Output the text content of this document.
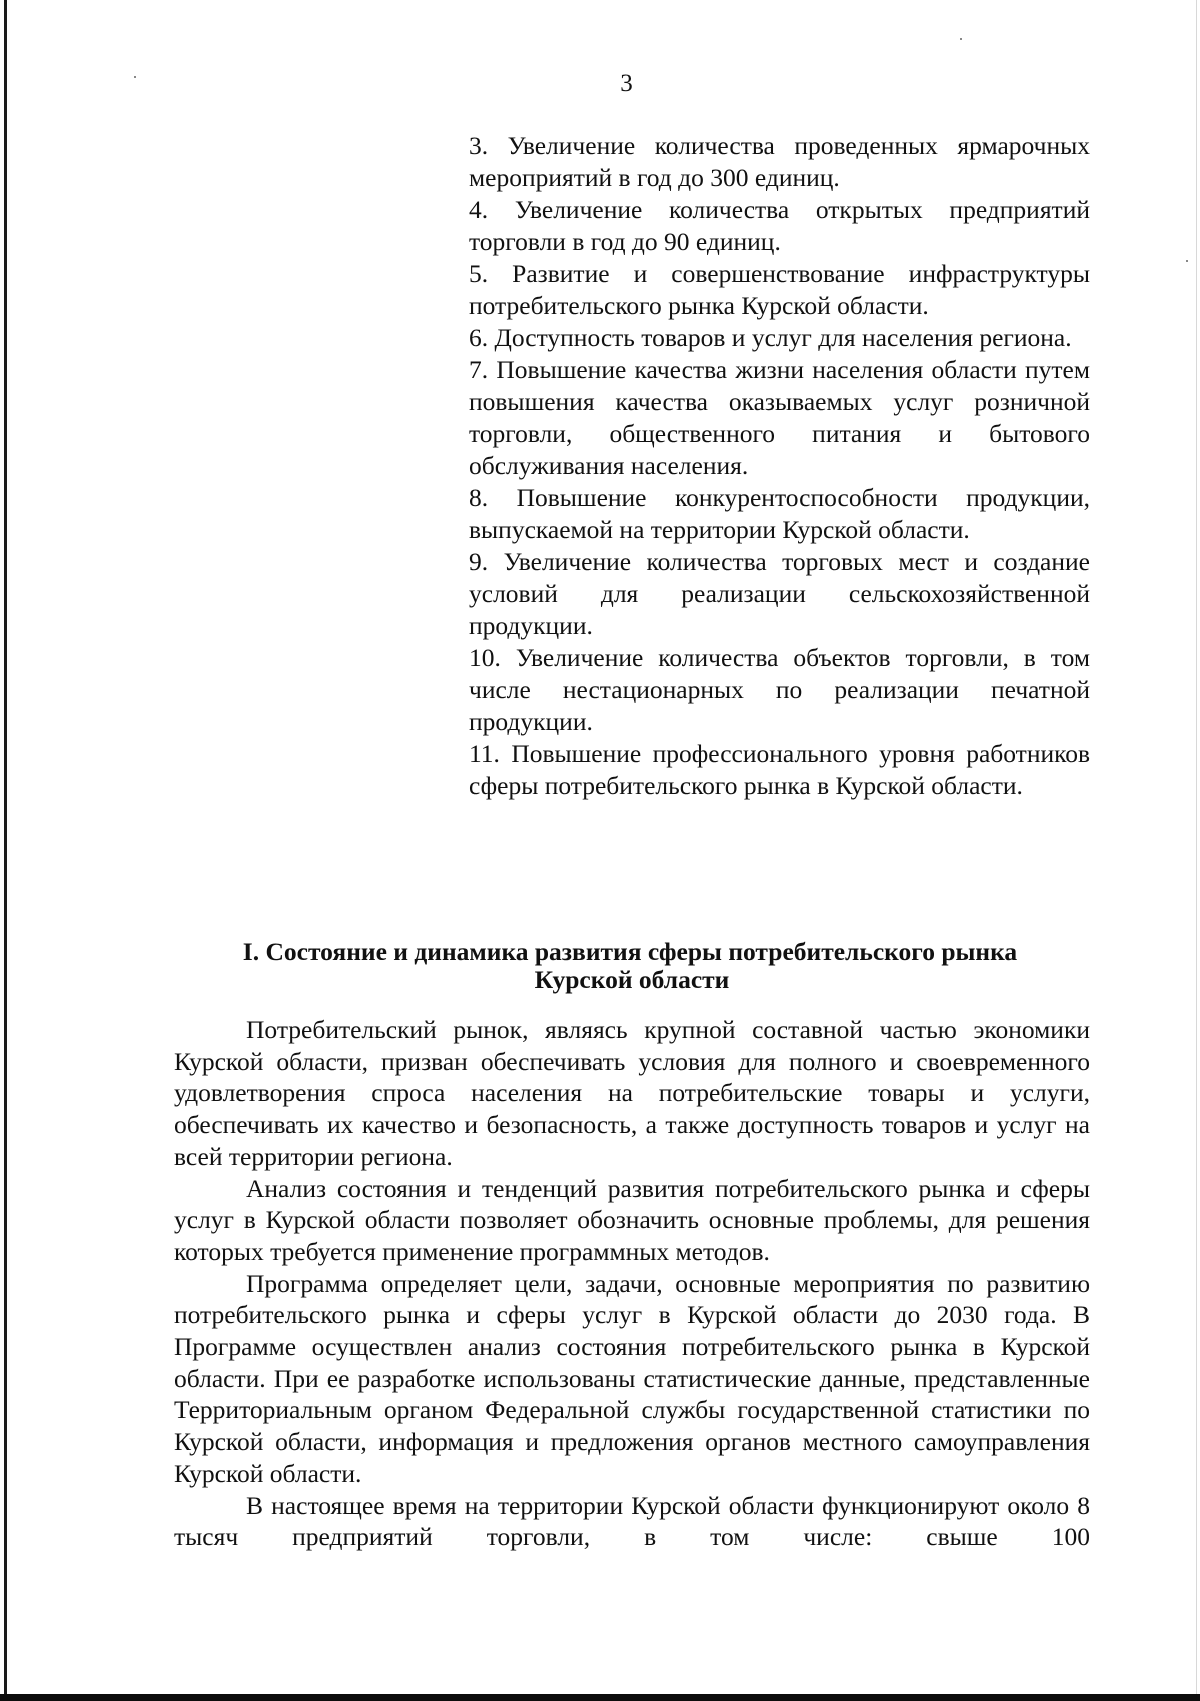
3
3. Увеличение количества проведенных ярмарочных мероприятий в год до 300 единиц.
4. Увеличение количества открытых предприятий торговли в год до 90 единиц.
5. Развитие и совершенствование инфраструктуры потребительского рынка Курской области.
6. Доступность товаров и услуг для населения региона.
7. Повышение качества жизни населения области путем повышения качества оказываемых услуг розничной торговли, общественного питания и бытового обслуживания населения.
8. Повышение конкурентоспособности продукции, выпускаемой на территории Курской области.
9. Увеличение количества торговых мест и создание условий для реализации сельскохозяйственной продукции.
10. Увеличение количества объектов торговли, в том числе нестационарных по реализации печатной продукции.
11. Повышение профессионального уровня работников сферы потребительского рынка в Курской области.
I. Состояние и динамика развития сферы потребительского рынка
Курской области

Потребительский рынок, являясь крупной составной частью экономики Курской области, призван обеспечивать условия для полного и своевременного удовлетворения спроса населения на потребительские товары и услуги, обеспечивать их качество и безопасность, а также доступность товаров и услуг на всей территории региона.

Анализ состояния и тенденций развития потребительского рынка и сферы услуг в Курской области позволяет обозначить основные проблемы, для решения которых требуется применение программных методов.

Программа определяет цели, задачи, основные мероприятия по развитию потребительского рынка и сферы услуг в Курской области до 2030 года. В Программе осуществлен анализ состояния потребительского рынка в Курской области. При ее разработке использованы статистические данные, представленные Территориальным органом Федеральной службы государственной статистики по Курской области, информация и предложения органов местного самоуправления Курской области.

В настоящее время на территории Курской области функционируют около 8 тысяч предприятий торговли, в том числе: свыше 100
